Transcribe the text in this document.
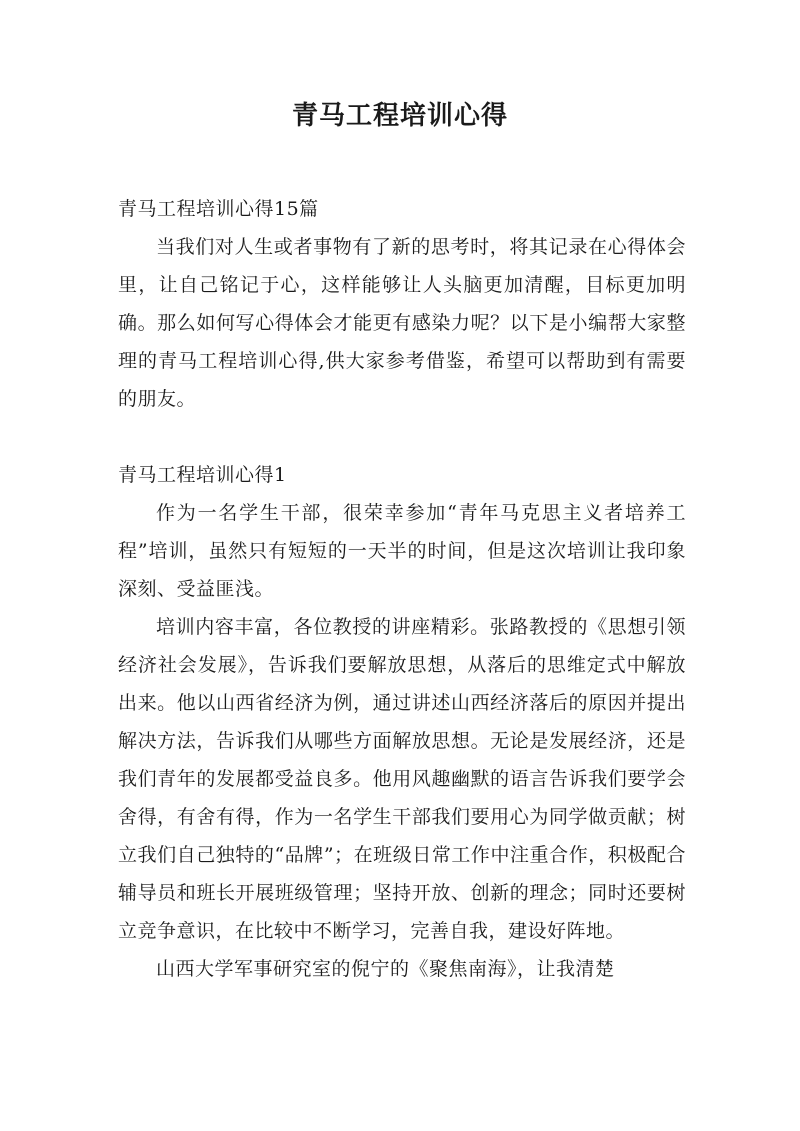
青马工程培训心得

青马工程培训心得15篇

当我们对人生或者事物有了新的思考时，将其记录在心得体会里，让自己铭记于心，这样能够让人头脑更加清醒，目标更加明确。那么如何写心得体会才能更有感染力呢？以下是小编帮大家整理的青马工程培训心得,供大家参考借鉴，希望可以帮助到有需要的朋友。

青马工程培训心得1

作为一名学生干部，很荣幸参加“青年马克思主义者培养工程”培训，虽然只有短短的一天半的时间，但是这次培训让我印象深刻、受益匪浅。

培训内容丰富，各位教授的讲座精彩。张路教授的《思想引领经济社会发展》，告诉我们要解放思想，从落后的思维定式中解放出来。他以山西省经济为例，通过讲述山西经济落后的原因并提出解决方法，告诉我们从哪些方面解放思想。无论是发展经济，还是我们青年的发展都受益良多。他用风趣幽默的语言告诉我们要学会舍得，有舍有得，作为一名学生干部我们要用心为同学做贡献；树立我们自己独特的“品牌”；在班级日常工作中注重合作，积极配合辅导员和班长开展班级管理；坚持开放、创新的理念；同时还要树立竞争意识，在比较中不断学习，完善自我，建设好阵地。

山西大学军事研究室的倪宁的《聚焦南海》，让我清楚
